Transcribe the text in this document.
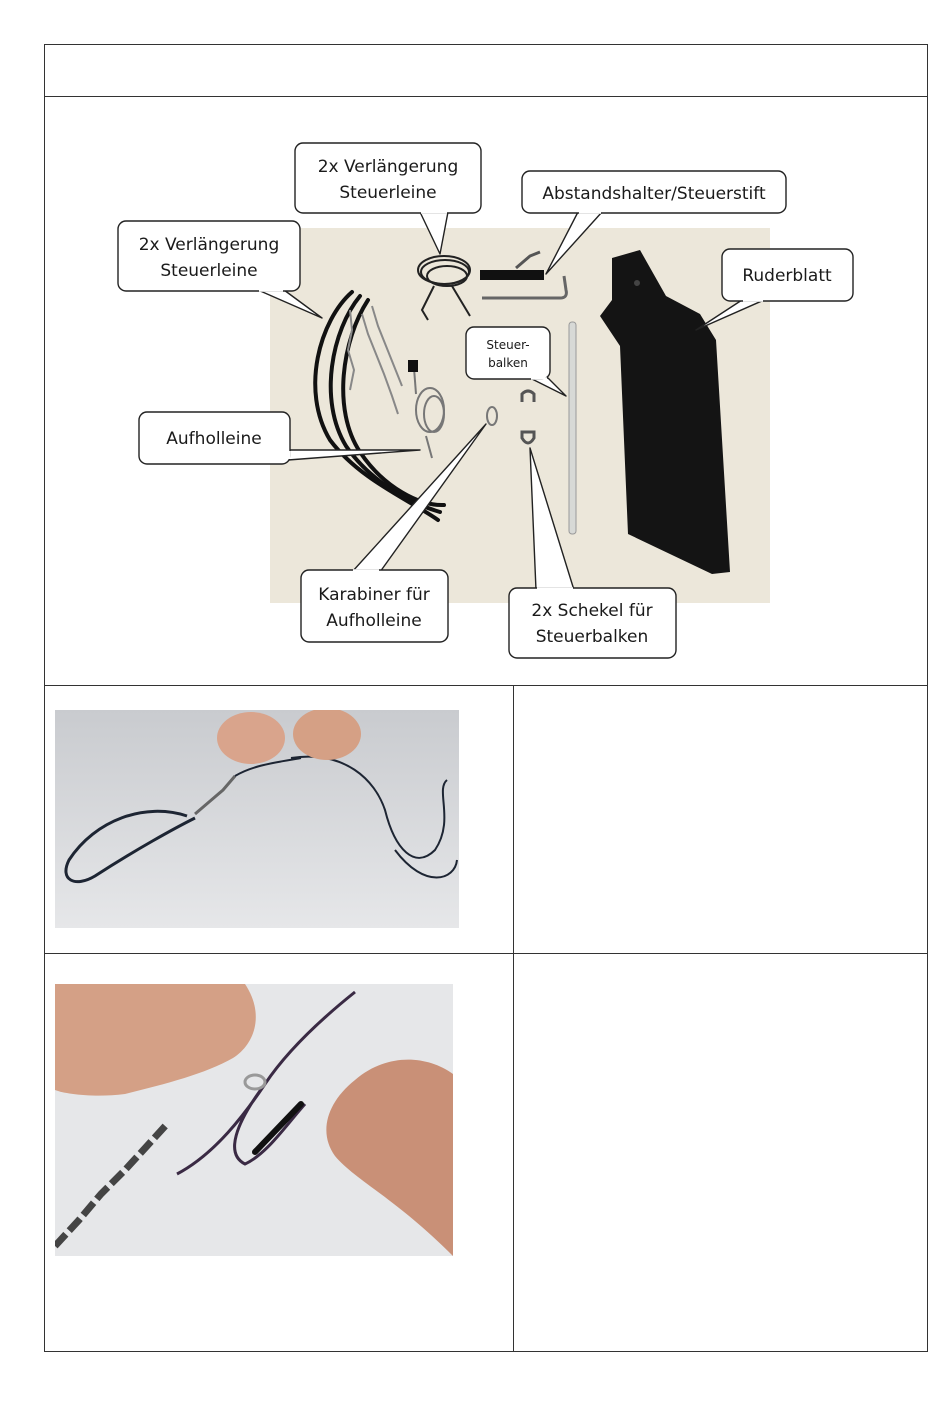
2x Verlängerung
Steuerleine
2x Verlängerung
Steuerleine	Abstandshalter/Steuerstift
Ruderblatt
Aufholleine
Karabiner für
Aufholleine	2x Schekel für
Steuerbalken
Steuer-
balken
